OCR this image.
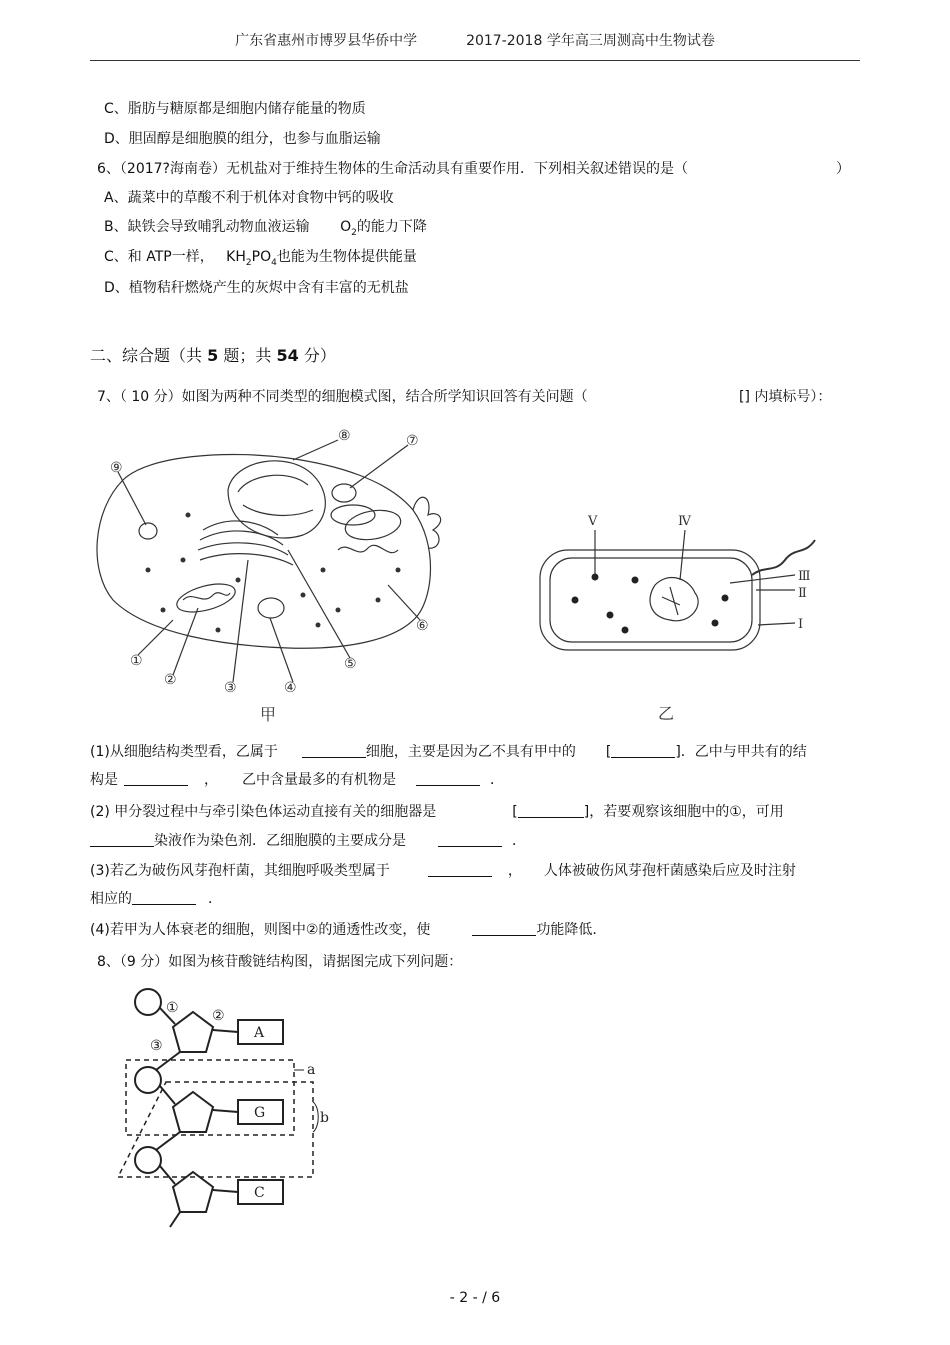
广东省惠州市博罗县华侨中学	2017-2018 学年高三周测高中生物试卷
C、脂肪与糖原都是细胞内储存能量的物质
D、胆固醇是细胞膜的组分，也参与血脂运输
6、（2017?海南卷）无机盐对于维持生物体的生命活动具有重要作用．下列相关叙述错误的是（	）
A、蔬菜中的草酸不利于机体对食物中钙的吸收
B、缺铁会导致哺乳动物血液运输 $O_2$的能力下降
C、和 ATP一样， $KH_2PO_4$也能为生物体提供能量
D、植物秸秆燃烧产生的灰烬中含有丰富的无机盐
二、综合题（共 5 题；共 54 分）
7、（ 10 分）如图为两种不同类型的细胞模式图，结合所学知识回答有关问题（	[] 内填标号）：
⑧	⑦
⑨
①
②	③	④
⑤
⑥
甲
Ⅴ	Ⅳ
Ⅲ
Ⅱ
Ⅰ
乙
(1)从细胞结构类型看，乙属于	细胞，主要是因为乙不具有甲中的 [	]．乙中与甲共有的结
构是	， 乙中含量最多的有机物是	．
(2) 甲分裂过程中与牵引染色体运动直接有关的细胞器是	[	]，若要观察该细胞中的①，可用
染液作为染色剂．乙细胞膜的主要成分是	．
(3)若乙为破伤风芽孢杆菌，其细胞呼吸类型属于	， 人体被破伤风芽孢杆菌感染后应及时注射
相应的	．
(4)若甲为人体衰老的细胞，则图中②的通透性改变，使	功能降低.
8、（9 分）如图为核苷酸链结构图，请据图完成下列问题：
① ②
③
a
b
A
G
C
- 2 - / 6
